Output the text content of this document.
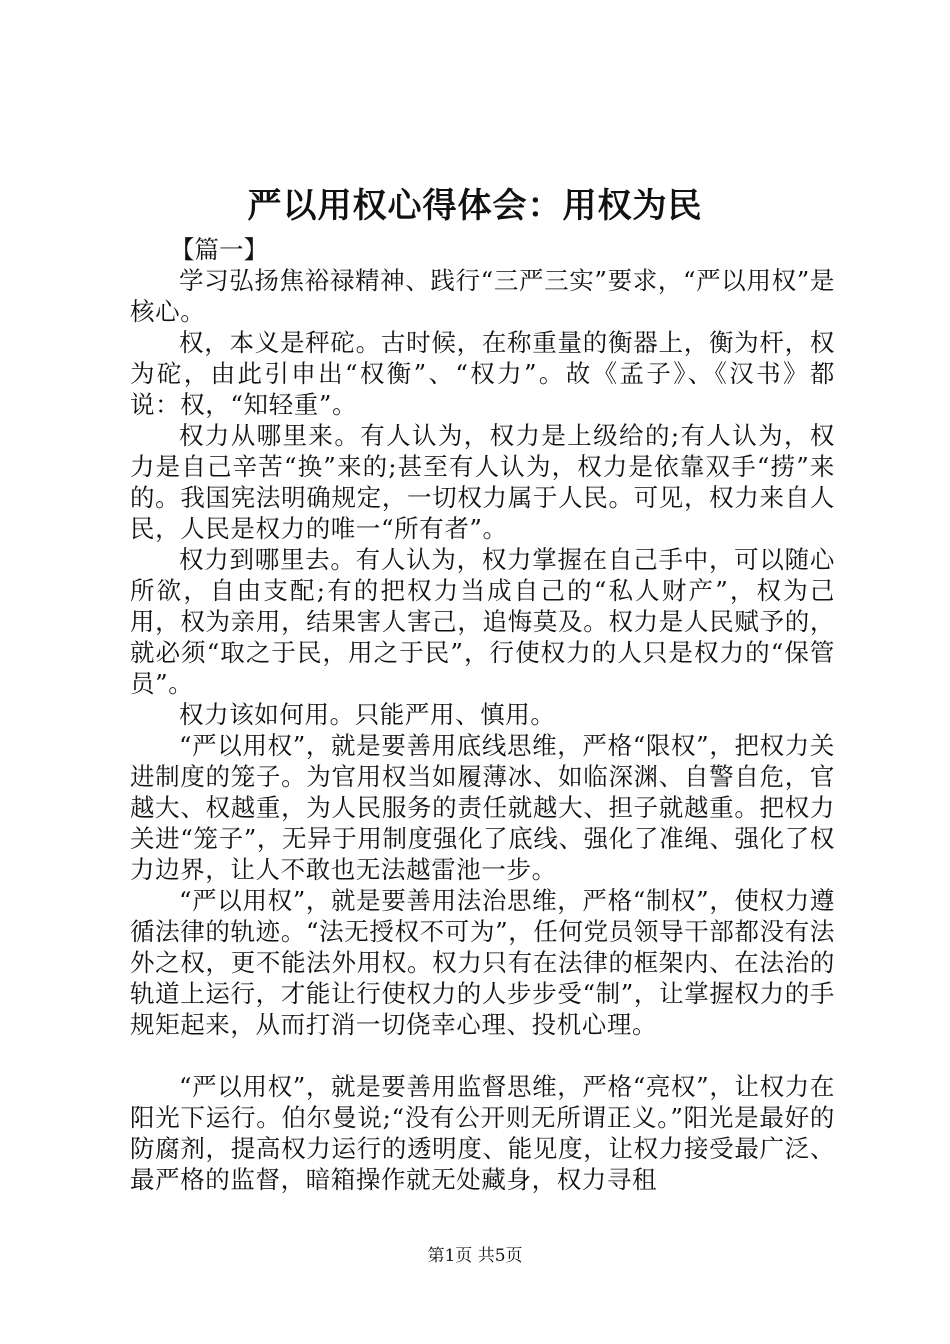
严以用权心得体会：用权为民

【篇一】

学习弘扬焦裕禄精神、践行“三严三实”要求，“严以用权”是核心。

权，本义是秤砣。古时候，在称重量的衡器上，衡为杆，权为砣，由此引申出“权衡”、“权力”。故《孟子》、《汉书》都说：权，“知轻重”。

权力从哪里来。有人认为，权力是上级给的;有人认为，权力是自己辛苦“换”来的;甚至有人认为，权力是依靠双手“捞”来的。我国宪法明确规定，一切权力属于人民。可见，权力来自人民，人民是权力的唯一“所有者”。

权力到哪里去。有人认为，权力掌握在自己手中，可以随心所欲，自由支配;有的把权力当成自己的“私人财产”，权为己用，权为亲用，结果害人害己，追悔莫及。权力是人民赋予的，就必须“取之于民，用之于民”，行使权力的人只是权力的“保管员”。

权力该如何用。只能严用、慎用。

“严以用权”，就是要善用底线思维，严格“限权”，把权力关进制度的笼子。为官用权当如履薄冰、如临深渊、自警自危，官越大、权越重，为人民服务的责任就越大、担子就越重。把权力关进“笼子”，无异于用制度强化了底线、强化了准绳、强化了权力边界，让人不敢也无法越雷池一步。

“严以用权”，就是要善用法治思维，严格“制权”，使权力遵循法律的轨迹。“法无授权不可为”，任何党员领导干部都没有法外之权，更不能法外用权。权力只有在法律的框架内、在法治的轨道上运行，才能让行使权力的人步步受“制”，让掌握权力的手规矩起来，从而打消一切侥幸心理、投机心理。

“严以用权”，就是要善用监督思维，严格“亮权”，让权力在阳光下运行。伯尔曼说;“没有公开则无所谓正义。”阳光是最好的防腐剂，提高权力运行的透明度、能见度，让权力接受最广泛、最严格的监督，暗箱操作就无处藏身，权力寻租

第1页 共5页
